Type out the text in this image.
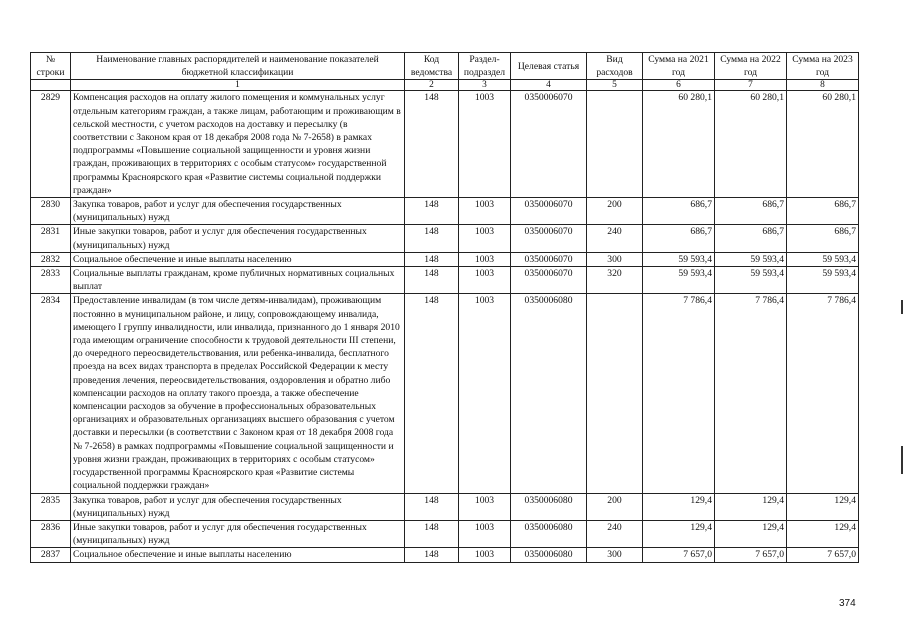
№ строки	Наименование главных распорядителей и наименование показателей бюджетной классификации	Код ведомства	Раздел-подраздел	Целевая статья	Вид расходов	Сумма на 2021 год	Сумма на 2022 год	Сумма на 2023 год
	1	2	3	4	5	6	7	8
2829	Компенсация расходов на оплату жилого помещения и коммунальных услуг отдельным категориям граждан, а также лицам, работающим и проживающим в сельской местности, с учетом расходов на доставку и пересылку (в соответствии с Законом края от 18 декабря 2008 года № 7-2658) в рамках подпрограммы «Повышение социальной защищенности и уровня жизни граждан, проживающих в территориях с особым статусом» государственной программы Красноярского края «Развитие системы социальной поддержки граждан»	148	1003	0350006070		60 280,1	60 280,1	60 280,1
2830	Закупка товаров, работ и услуг для обеспечения государственных (муниципальных) нужд	148	1003	0350006070	200	686,7	686,7	686,7
2831	Иные закупки товаров, работ и услуг для обеспечения государственных (муниципальных) нужд	148	1003	0350006070	240	686,7	686,7	686,7
2832	Социальное обеспечение и иные выплаты населению	148	1003	0350006070	300	59 593,4	59 593,4	59 593,4
2833	Социальные выплаты гражданам, кроме публичных нормативных социальных выплат	148	1003	0350006070	320	59 593,4	59 593,4	59 593,4
2834	Предоставление инвалидам (в том числе детям-инвалидам), проживающим постоянно в муниципальном районе, и лицу, сопровождающему инвалида, имеющего I группу инвалидности, или инвалида, признанного до 1 января 2010 года имеющим ограничение способности к трудовой деятельности III степени, до очередного переосвидетельствования, или ребенка-инвалида, бесплатного проезда на всех видах транспорта в пределах Российской Федерации к месту проведения лечения, переосвидетельствования, оздоровления и обратно либо компенсации расходов на оплату такого проезда, а также обеспечение компенсации расходов за обучение в профессиональных образовательных организациях и образовательных организациях высшего образования с учетом доставки и пересылки (в соответствии с Законом края от 18 декабря 2008 года № 7-2658) в рамках подпрограммы «Повышение социальной защищенности и уровня жизни граждан, проживающих в территориях с особым статусом» государственной программы Красноярского края «Развитие системы социальной поддержки граждан»	148	1003	0350006080		7 786,4	7 786,4	7 786,4
2835	Закупка товаров, работ и услуг для обеспечения государственных (муниципальных) нужд	148	1003	0350006080	200	129,4	129,4	129,4
2836	Иные закупки товаров, работ и услуг для обеспечения государственных (муниципальных) нужд	148	1003	0350006080	240	129,4	129,4	129,4
2837	Социальное обеспечение и иные выплаты населению	148	1003	0350006080	300	7 657,0	7 657,0	7 657,0
374
